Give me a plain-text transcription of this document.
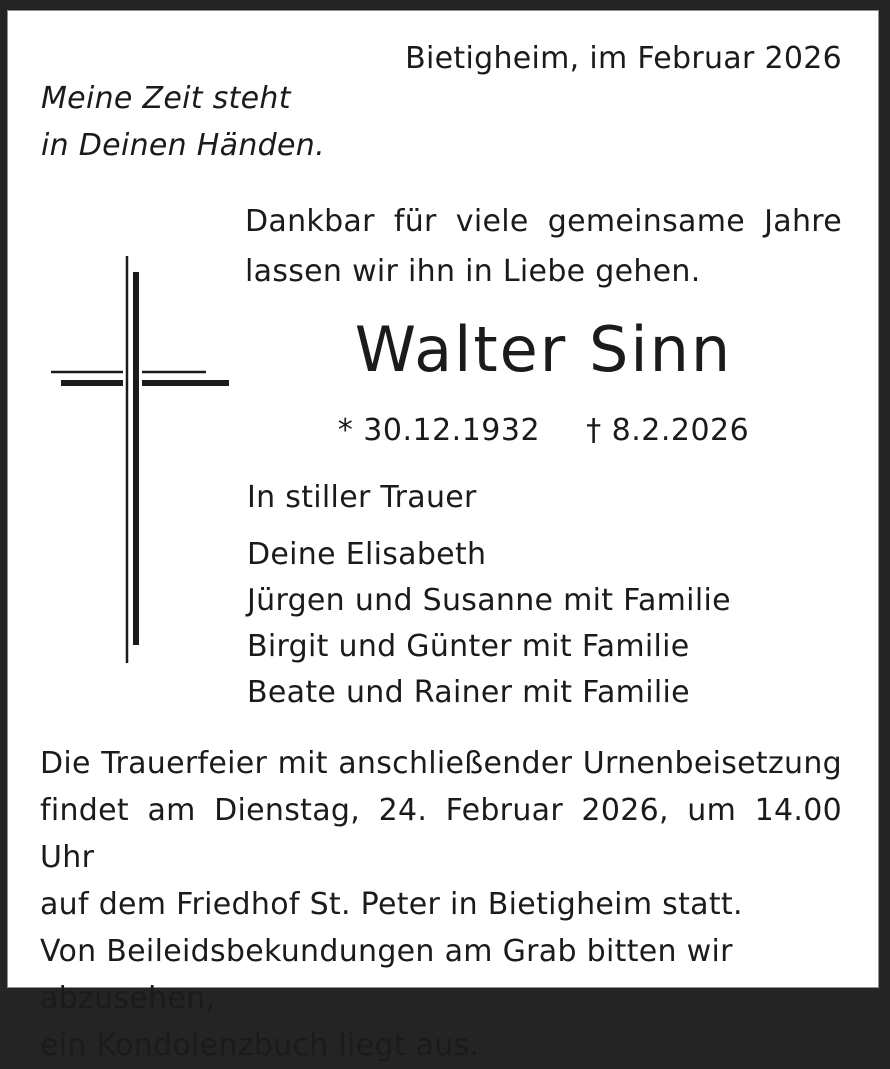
Bietigheim, im Februar 2026
Meine Zeit steht
in Deinen Händen.
Dankbar für viele gemeinsame Jahre
lassen wir ihn in Liebe gehen.
Walter Sinn
* 30.12.1932 † 8.2.2026
In stiller Trauer
Deine Elisabeth
Jürgen und Susanne mit Familie
Birgit und Günter mit Familie
Beate und Rainer mit Familie
Die Trauerfeier mit anschließender Urnenbeisetzung
findet am Dienstag, 24. Februar 2026, um 14.00 Uhr
auf dem Friedhof St. Peter in Bietigheim statt.
Von Beileidsbekundungen am Grab bitten wir abzusehen,
ein Kondolenzbuch liegt aus.
